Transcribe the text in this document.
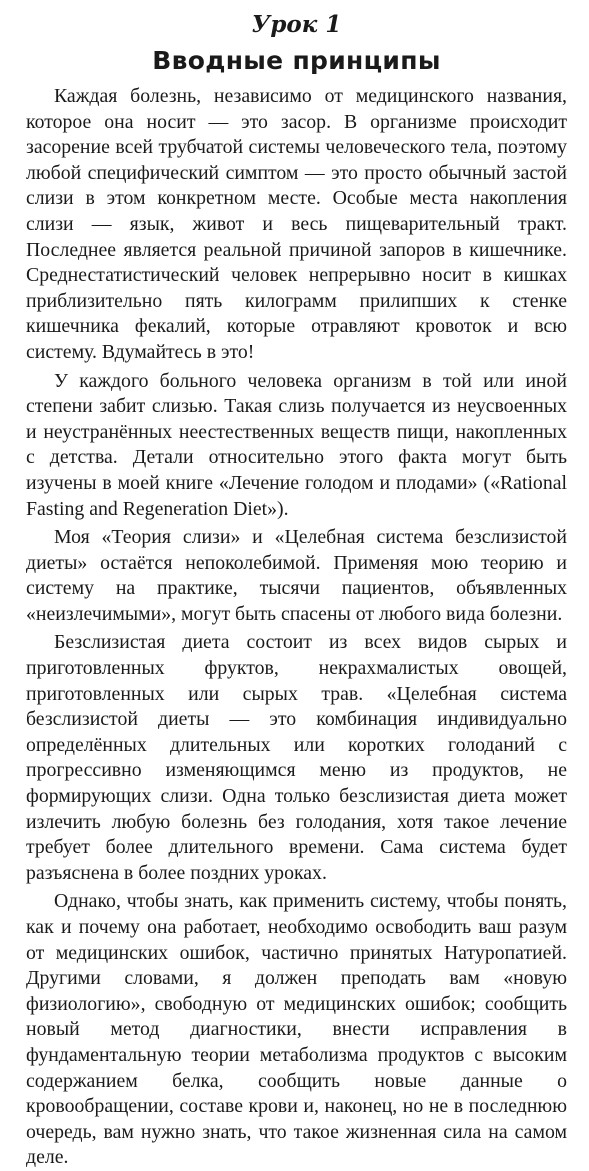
Урок 1
Вводные принципы

Каждая болезнь, независимо от медицинского названия, которое она носит — это засор. В организме происходит засорение всей трубчатой системы человеческого тела, поэтому любой специфический симптом — это просто обычный застой слизи в этом конкретном месте. Особые места накопления слизи — язык, живот и весь пищеварительный тракт. Последнее является реальной причиной запоров в кишечнике. Среднестатистический человек непрерывно носит в кишках приблизительно пять килограмм прилипших к стенке кишечника фекалий, которые отравляют кровоток и всю систему. Вдумайтесь в это!

У каждого больного человека организм в той или иной степени забит слизью. Такая слизь получается из неусвоенных и неустранённых неестественных веществ пищи, накопленных с детства. Детали относительно этого факта могут быть изучены в моей книге «Лечение голодом и плодами» («Rational Fasting and Regeneration Diet»).

Моя «Теория слизи» и «Целебная система безслизистой диеты» остаётся непоколебимой. Применяя мою теорию и систему на практике, тысячи пациентов, объявленных «неизлечимыми», могут быть спасены от любого вида болезни.

Безслизистая диета состоит из всех видов сырых и приготовленных фруктов, некрахмалистых овощей, приготовленных или сырых трав. «Целебная система безслизистой диеты — это комбинация индивидуально определённых длительных или коротких голоданий с прогрессивно изменяющимся меню из продуктов, не формирующих слизи. Одна только безслизистая диета может излечить любую болезнь без голодания, хотя такое лечение требует более длительного времени. Сама система будет разъяснена в более поздних уроках.

Однако, чтобы знать, как применить систему, чтобы понять, как и почему она работает, необходимо освободить ваш разум от медицинских ошибок, частично принятых Натуропатией. Другими словами, я должен преподать вам «новую физиологию», свободную от медицинских ошибок; сообщить новый метод диагностики, внести исправления в фундаментальную теории метаболизма продуктов с высоким содержанием белка, сообщить новые данные о кровообращении, составе крови и, наконец, но не в последнюю очередь, вам нужно знать, что такое жизненная сила на самом деле.
